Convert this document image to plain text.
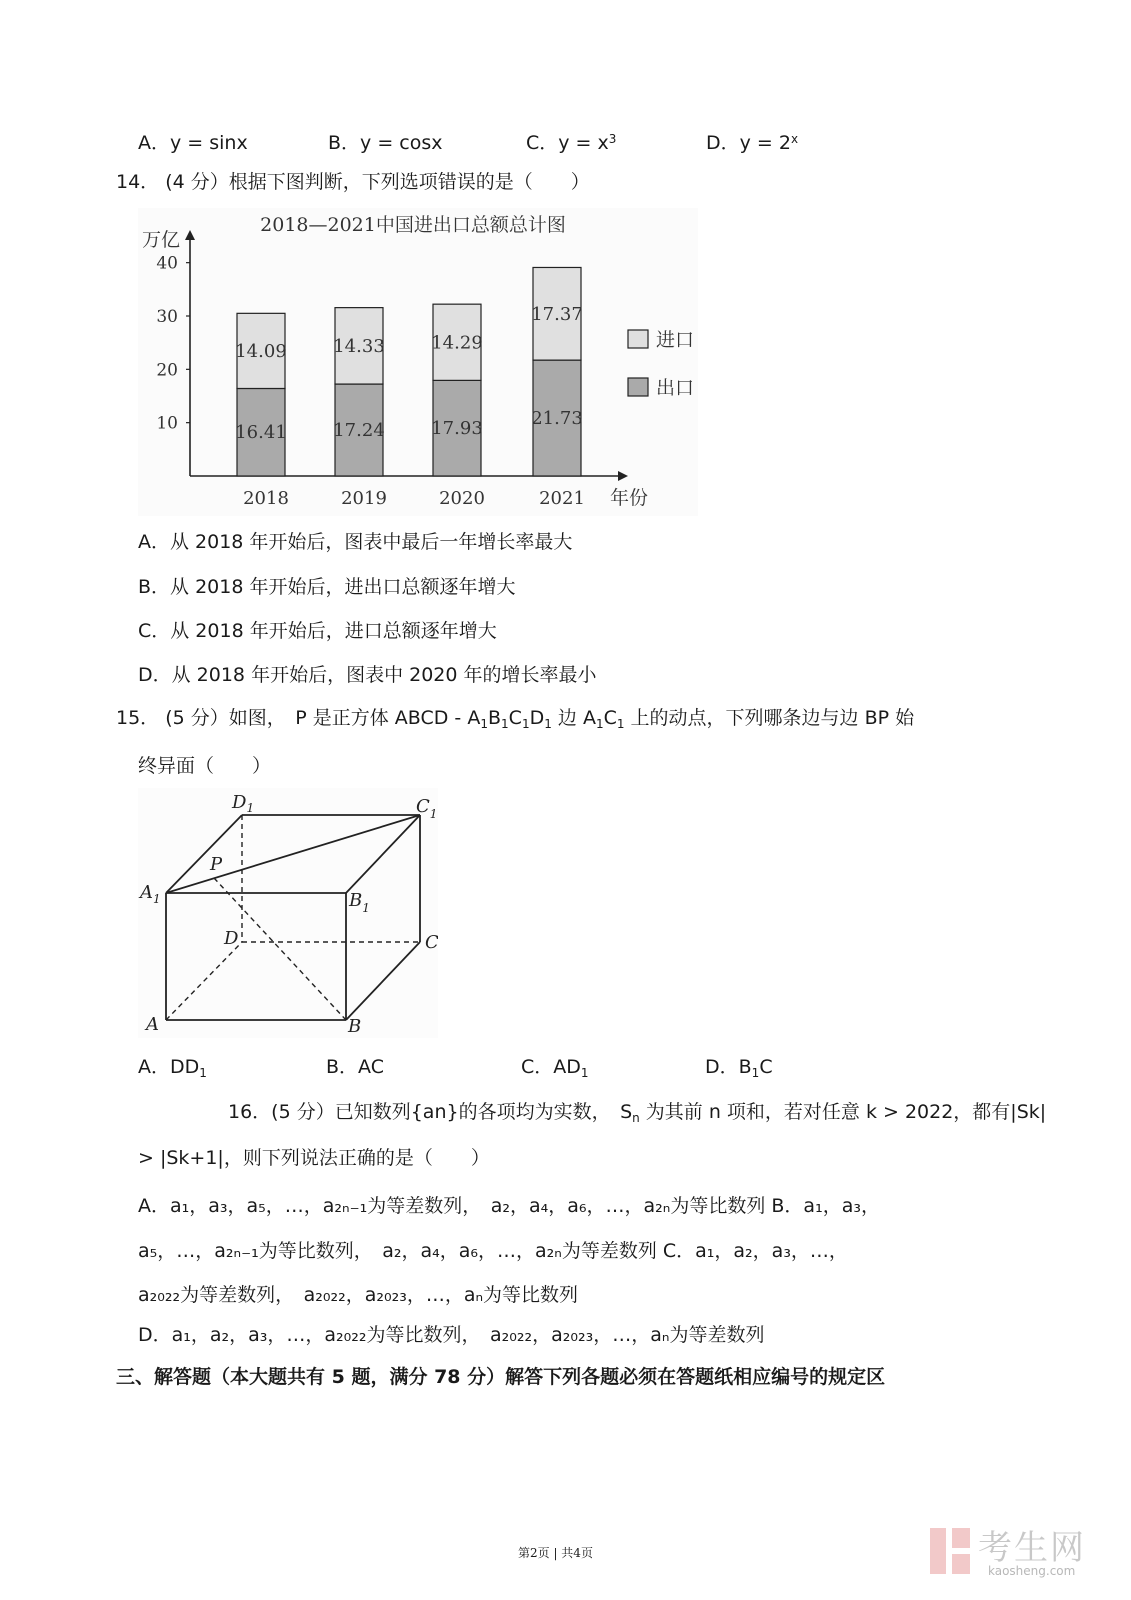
A．y = sinx	B．y = cosx	C．$y = x^3$	D．$y = 2^x$
14． (4 分）根据下图判断，下列选项错误的是（　　）
2018—2021中国进出口总额总计图
万亿
年份
10
20
30
40
16.41
14.09
2018
17.24
14.33
2019
17.93
14.29
2020
21.73
17.37
2021
进口
出口
A．从 2018 年开始后，图表中最后一年增长率最大
B．从 2018 年开始后，进出口总额逐年增大
C．从 2018 年开始后，进口总额逐年增大
D．从 2018 年开始后，图表中 2020 年的增长率最小
15． (5 分）如图，　P 是正方体 ABCD - $A_1B_1C_1D_1$ 边 $A_1C_1$ 上的动点，下列哪条边与边 BP 始
终异面（　　）
$D_1$	$C_1$
P
$A_1$	$B_1$
D	C
A	B
A．$DD_1$	B．AC	C．$AD_1$	D．$B_1C$
16．(5 分）已知数列{an}的各项均为实数，　$S_n$ 为其前 n 项和，若对任意 k > 2022，都有|Sk|
> |Sk+1|，则下列说法正确的是（　　）
A．a₁，a₃，a₅，…，a₂ₙ₋₁为等差数列，　a₂，a₄，a₆，…，a₂ₙ为等比数列 B．a₁，a₃，
a₅，…，a₂ₙ₋₁为等比数列，　a₂，a₄，a₆，…，a₂ₙ为等差数列 C．a₁，a₂，a₃，…，
a₂₀₂₂为等差数列，　a₂₀₂₂，a₂₀₂₃，…，aₙ为等比数列
D．a₁，a₂，a₃，…，a₂₀₂₂为等比数列，　a₂₀₂₂，a₂₀₂₃，…，aₙ为等差数列
三、解答题（本大题共有 5 题，满分 78 分）解答下列各题必须在答题纸相应编号的规定区
第2页 | 共4页	考生网
kaosheng.com
